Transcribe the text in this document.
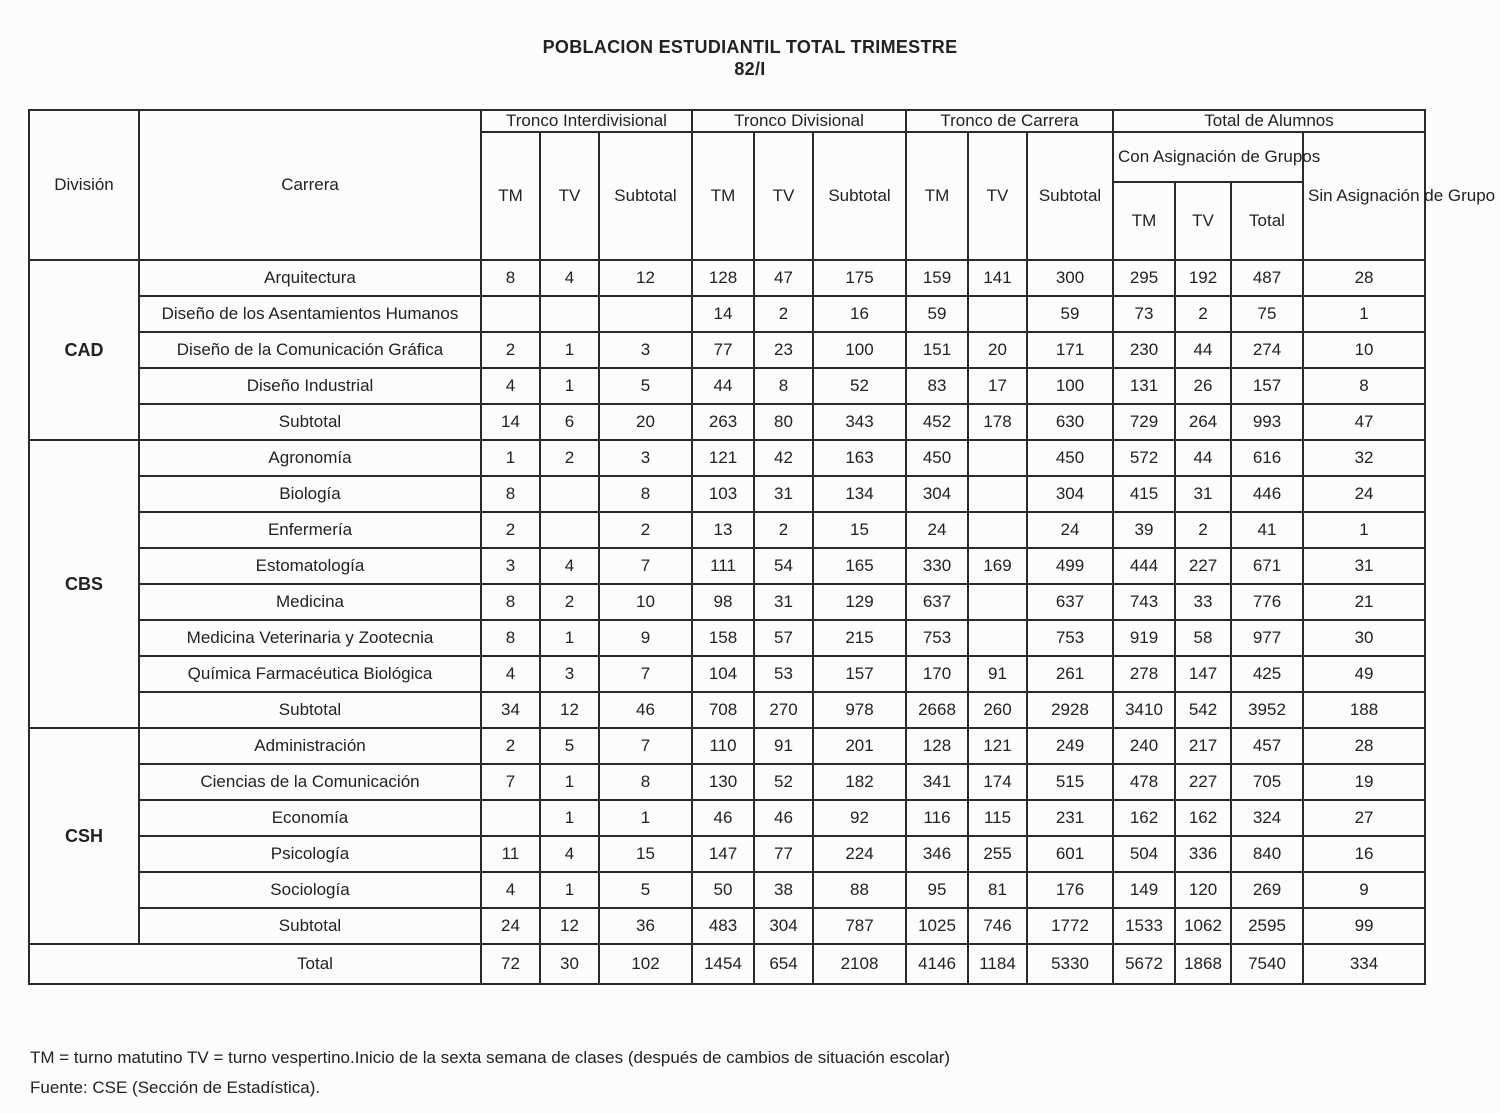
POBLACION ESTUDIANTIL TOTAL TRIMESTRE
82/I
División	Carrera	Tronco Interdivisional			Tronco Divisional			Tronco de Carrera			Total de Alumnos			
		TM	TV	Subtotal	TM	TV	Subtotal	TM	TV	Subtotal	Con Asignación de Grupos			Sin Asignación de Grupo
											TM	TV	Total	
CAD	Arquitectura	8	4	12	128	47	175	159	141	300	295	192	487	28
	Diseño de los Asentamientos Humanos				14	2	16	59		59	73	2	75	1
	Diseño de la Comunicación Gráfica	2	1	3	77	23	100	151	20	171	230	44	274	10
	Diseño Industrial	4	1	5	44	8	52	83	17	100	131	26	157	8
	Subtotal	14	6	20	263	80	343	452	178	630	729	264	993	47
CBS	Agronomía	1	2	3	121	42	163	450		450	572	44	616	32
	Biología	8		8	103	31	134	304		304	415	31	446	24
	Enfermería	2		2	13	2	15	24		24	39	2	41	1
	Estomatología	3	4	7	111	54	165	330	169	499	444	227	671	31
	Medicina	8	2	10	98	31	129	637		637	743	33	776	21
	Medicina Veterinaria y Zootecnia	8	1	9	158	57	215	753		753	919	58	977	30
	Química Farmacéutica Biológica	4	3	7	104	53	157	170	91	261	278	147	425	49
	Subtotal	34	12	46	708	270	978	2668	260	2928	3410	542	3952	188
CSH	Administración	2	5	7	110	91	201	128	121	249	240	217	457	28
	Ciencias de la Comunicación	7	1	8	130	52	182	341	174	515	478	227	705	19
	Economía		1	1	46	46	92	116	115	231	162	162	324	27
	Psicología	11	4	15	147	77	224	346	255	601	504	336	840	16
	Sociología	4	1	5	50	38	88	95	81	176	149	120	269	9
	Subtotal	24	12	36	483	304	787	1025	746	1772	1533	1062	2595	99
Total		72	30	102	1454	654	2108	4146	1184	5330	5672	1868	7540	334
TM = turno matutino TV = turno vespertino.Inicio de la sexta semana de clases (después de cambios de situación escolar)
Fuente: CSE (Sección de Estadística).
